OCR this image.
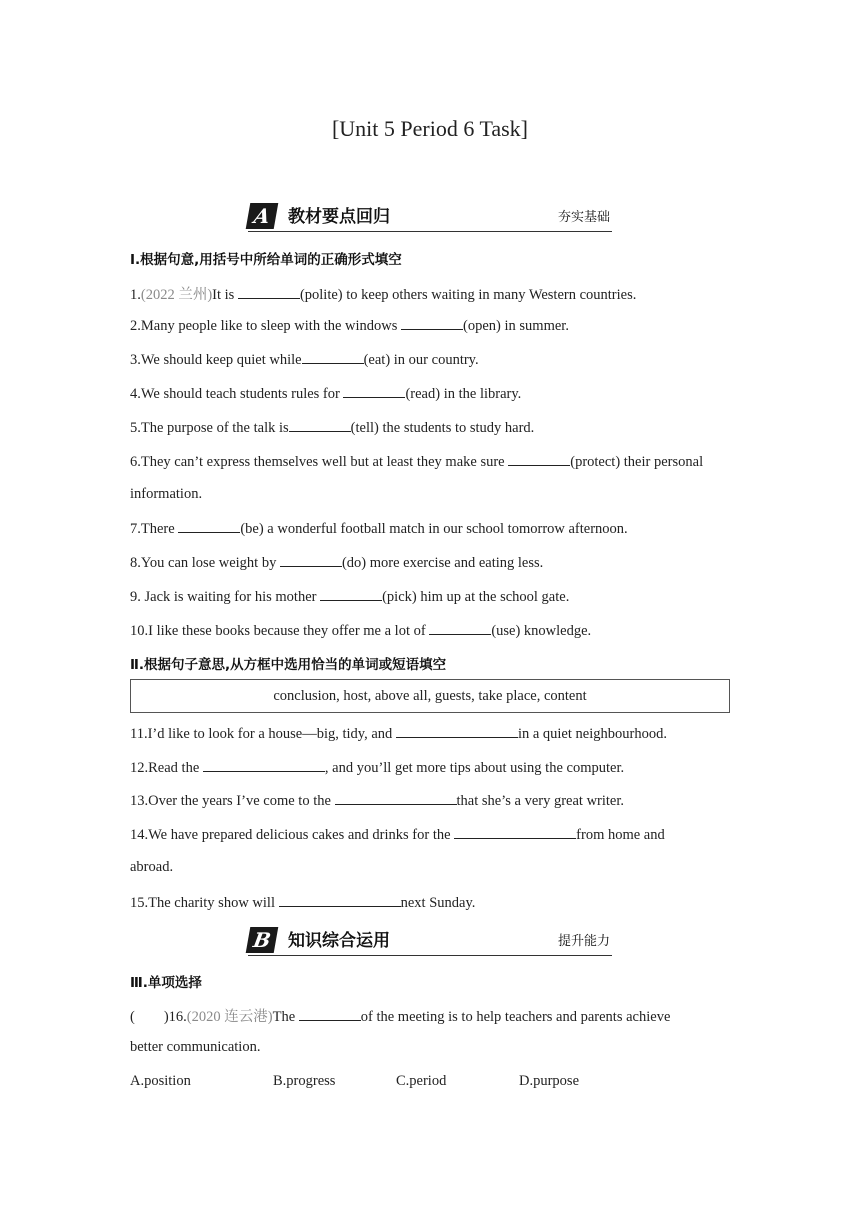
[Unit 5 Period 6 Task]
A 教材要点回归	夯实基础
Ⅰ.根据句意,用括号中所给单词的正确形式填空
1.(2022 兰州)It is	(polite) to keep others waiting in many Western countries.
2.Many people like to sleep with the windows	(open) in summer.
3.We should keep quiet while	(eat) in our country.
4.We should teach students rules for	(read) in the library.
5.The purpose of the talk is	(tell) the students to study hard.
6.They can’t express themselves well but at least they make sure	(protect) their personal
information.
7.There	(be) a wonderful football match in our school tomorrow afternoon.
8.You can lose weight by	(do) more exercise and eating less.
9. Jack is waiting for his mother	(pick) him up at the school gate.
10.I like these books because they offer me a lot of	(use) knowledge.
Ⅱ.根据句子意思,从方框中选用恰当的单词或短语填空
conclusion, host, above all, guests, take place, content
11.I’d like to look for a house—big, tidy, and	in a quiet neighbourhood.
12.Read the	, and you’ll get more tips about using the computer.
13.Over the years I’ve come to the	that she’s a very great writer.
14.We have prepared delicious cakes and drinks for the	from home and
abroad.
15.The charity show will	next Sunday.
B 知识综合运用	提升能力
Ⅲ.单项选择
(        )16.(2020 连云港)The	of the meeting is to help teachers and parents achieve
better communication.
A.position	B.progress	C.period	D.purpose
